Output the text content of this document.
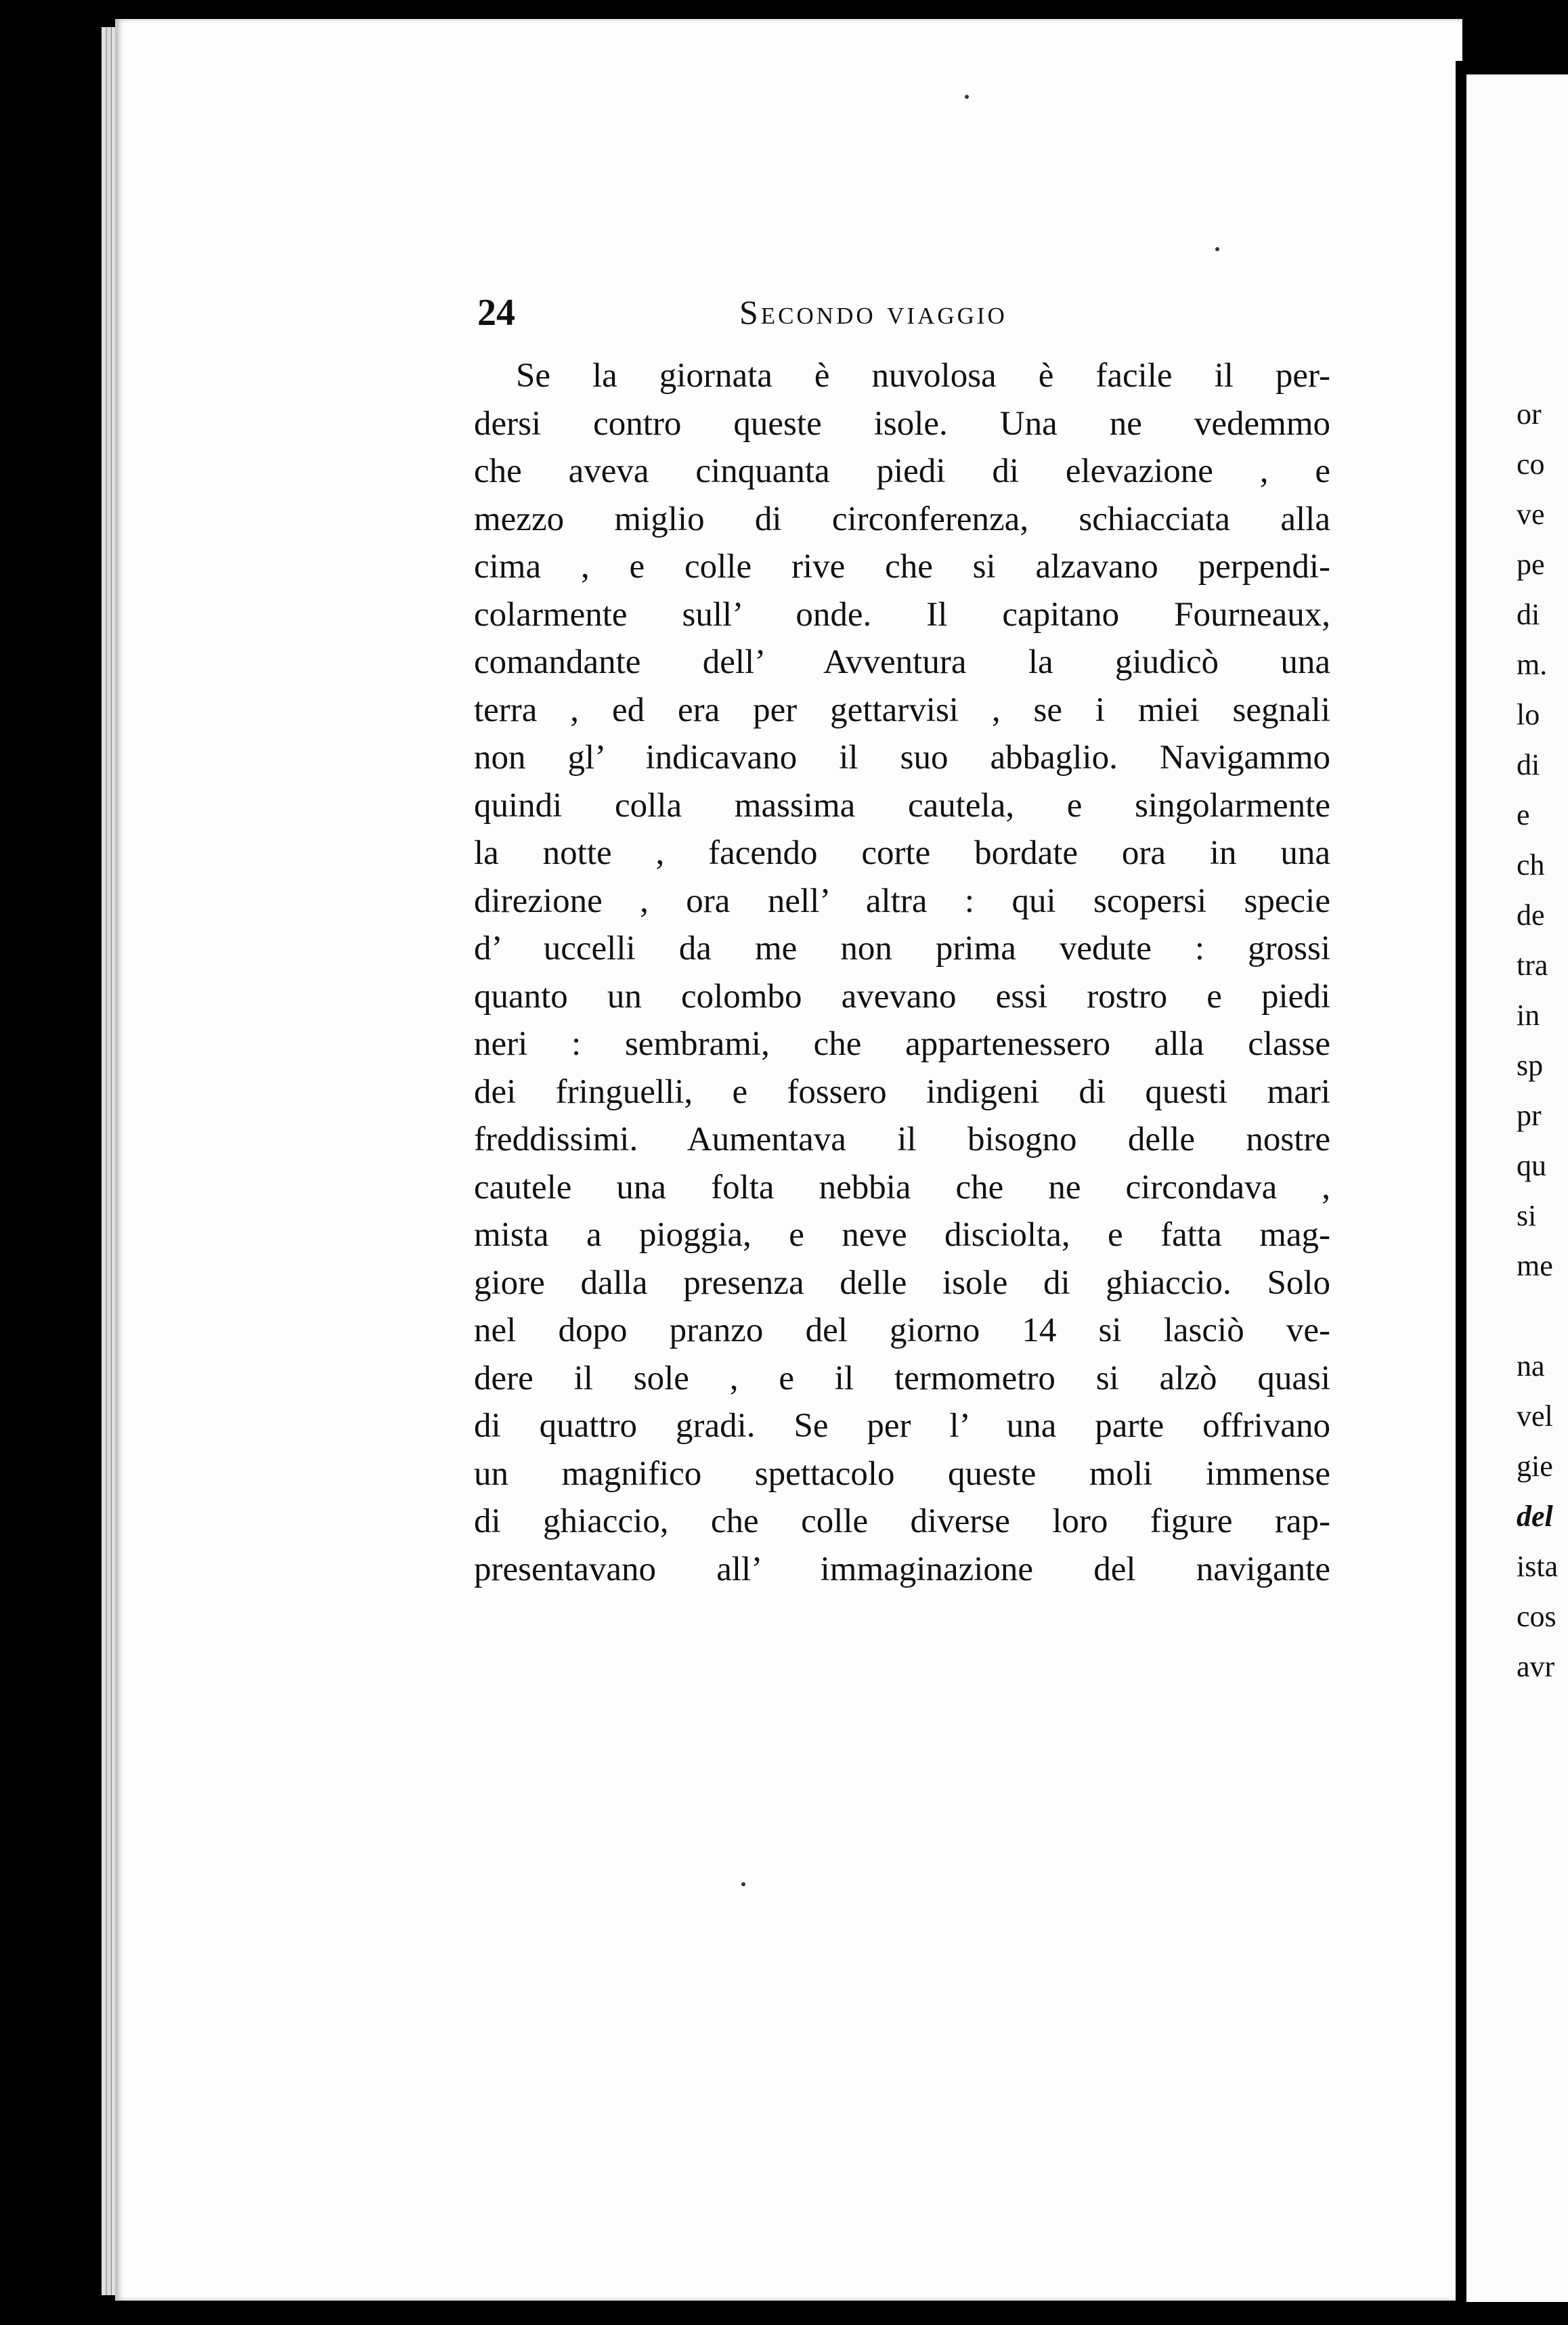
or
co
ve
pe
di
m.
lo
di
e
ch
de
tra
in
sp
pr
qu
si
me

na
vel
gie
del
ista
cos
avr
24	Secondo viaggio
Se la giornata è nuvolosa è facile il per-
dersi contro queste isole. Una ne vedemmo
che aveva cinquanta piedi di elevazione , e
mezzo miglio di circonferenza, schiacciata alla
cima , e colle rive che si alzavano perpendi-
colarmente sull’ onde. Il capitano Fourneaux,
comandante dell’ Avventura la giudicò una
terra , ed era per gettarvisi , se i miei segnali
non gl’ indicavano il suo abbaglio. Navigammo
quindi colla massima cautela, e singolarmente
la notte , facendo corte bordate ora in una
direzione , ora nell’ altra : qui scopersi specie
d’ uccelli da me non prima vedute : grossi
quanto un colombo avevano essi rostro e piedi
neri : sembrami, che appartenessero alla classe
dei fringuelli, e fossero indigeni di questi mari
freddissimi. Aumentava il bisogno delle nostre
cautele una folta nebbia che ne circondava ,
mista a pioggia, e neve disciolta, e fatta mag-
giore dalla presenza delle isole di ghiaccio. Solo
nel dopo pranzo del giorno 14 si lasciò ve-
dere il sole , e il termometro si alzò quasi
di quattro gradi. Se per l’ una parte offrivano
un magnifico spettacolo queste moli immense
di ghiaccio, che colle diverse loro figure rap-
presentavano all’ immaginazione del navigante
